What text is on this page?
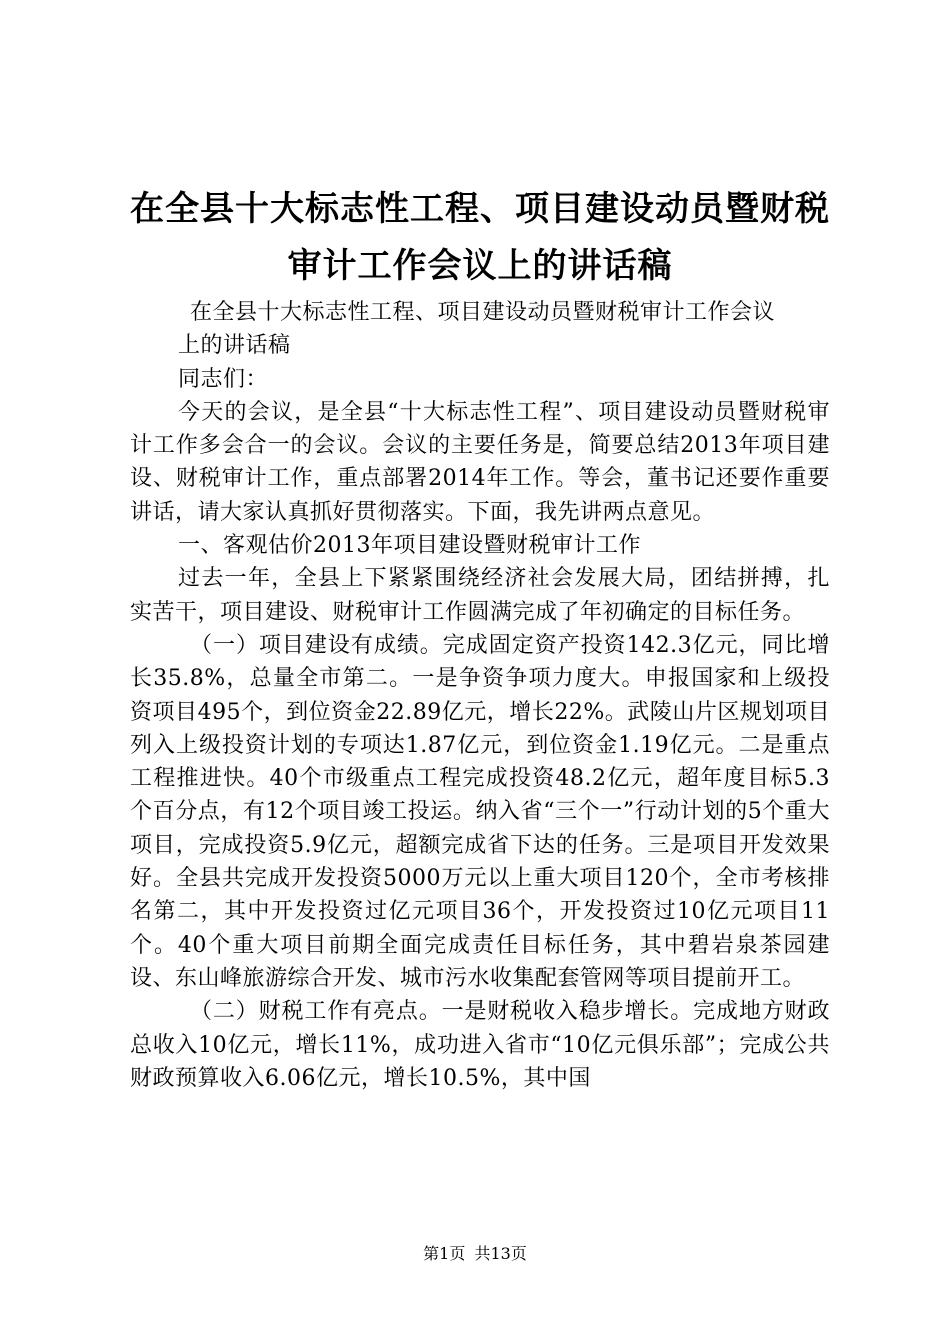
在全县十大标志性工程、项目建设动员暨财税
审计工作会议上的讲话稿

在全县十大标志性工程、项目建设动员暨财税审计工作会议

上的讲话稿

同志们：

今天的会议，是全县“十大标志性工程”、项目建设动员暨财税审计工作多会合一的会议。会议的主要任务是，简要总结2013年项目建设、财税审计工作，重点部署2014年工作。等会，董书记还要作重要讲话，请大家认真抓好贯彻落实。下面，我先讲两点意见。

一、客观估价2013年项目建设暨财税审计工作

过去一年，全县上下紧紧围绕经济社会发展大局，团结拼搏，扎实苦干，项目建设、财税审计工作圆满完成了年初确定的目标任务。

（一）项目建设有成绩。完成固定资产投资142.3亿元，同比增长35.8%，总量全市第二。一是争资争项力度大。申报国家和上级投资项目495个，到位资金22.89亿元，增长22%。武陵山片区规划项目列入上级投资计划的专项达1.87亿元，到位资金1.19亿元。二是重点工程推进快。40个市级重点工程完成投资48.2亿元，超年度目标5.3个百分点，有12个项目竣工投运。纳入省“三个一”行动计划的5个重大项目，完成投资5.9亿元，超额完成省下达的任务。三是项目开发效果好。全县共完成开发投资5000万元以上重大项目120个，全市考核排名第二，其中开发投资过亿元项目36个，开发投资过10亿元项目11个。40个重大项目前期全面完成责任目标任务，其中碧岩泉茶园建设、东山峰旅游综合开发、城市污水收集配套管网等项目提前开工。

（二）财税工作有亮点。一是财税收入稳步增长。完成地方财政总收入10亿元，增长11%，成功进入省市“10亿元俱乐部”；完成公共财政预算收入6.06亿元，增长10.5%，其中国

第1页 共13页
